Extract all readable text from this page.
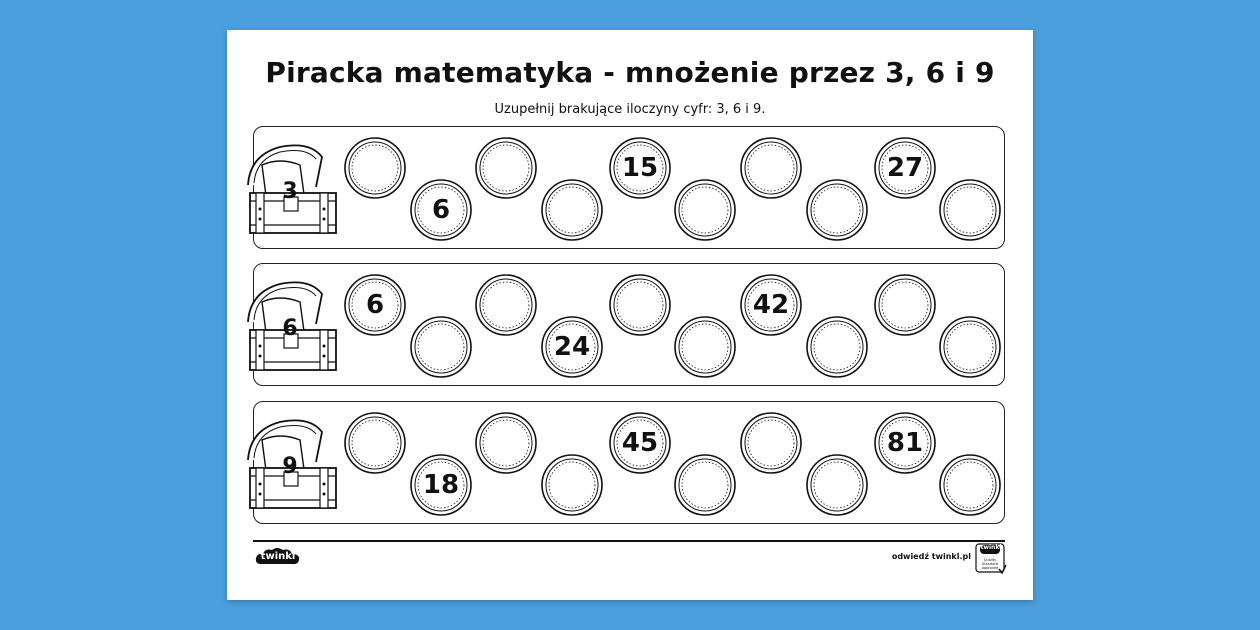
Piracka matematyka - mnożenie przez 3, 6 i 9
Uzupełnij brakujące iloczyny cyfr: 3, 6 i 9.
3
6
15	27
6
6
24
42
9
18
45	81
twinkl	odwiedź twinkl.pl
twinkl
Quality Standard Approved
